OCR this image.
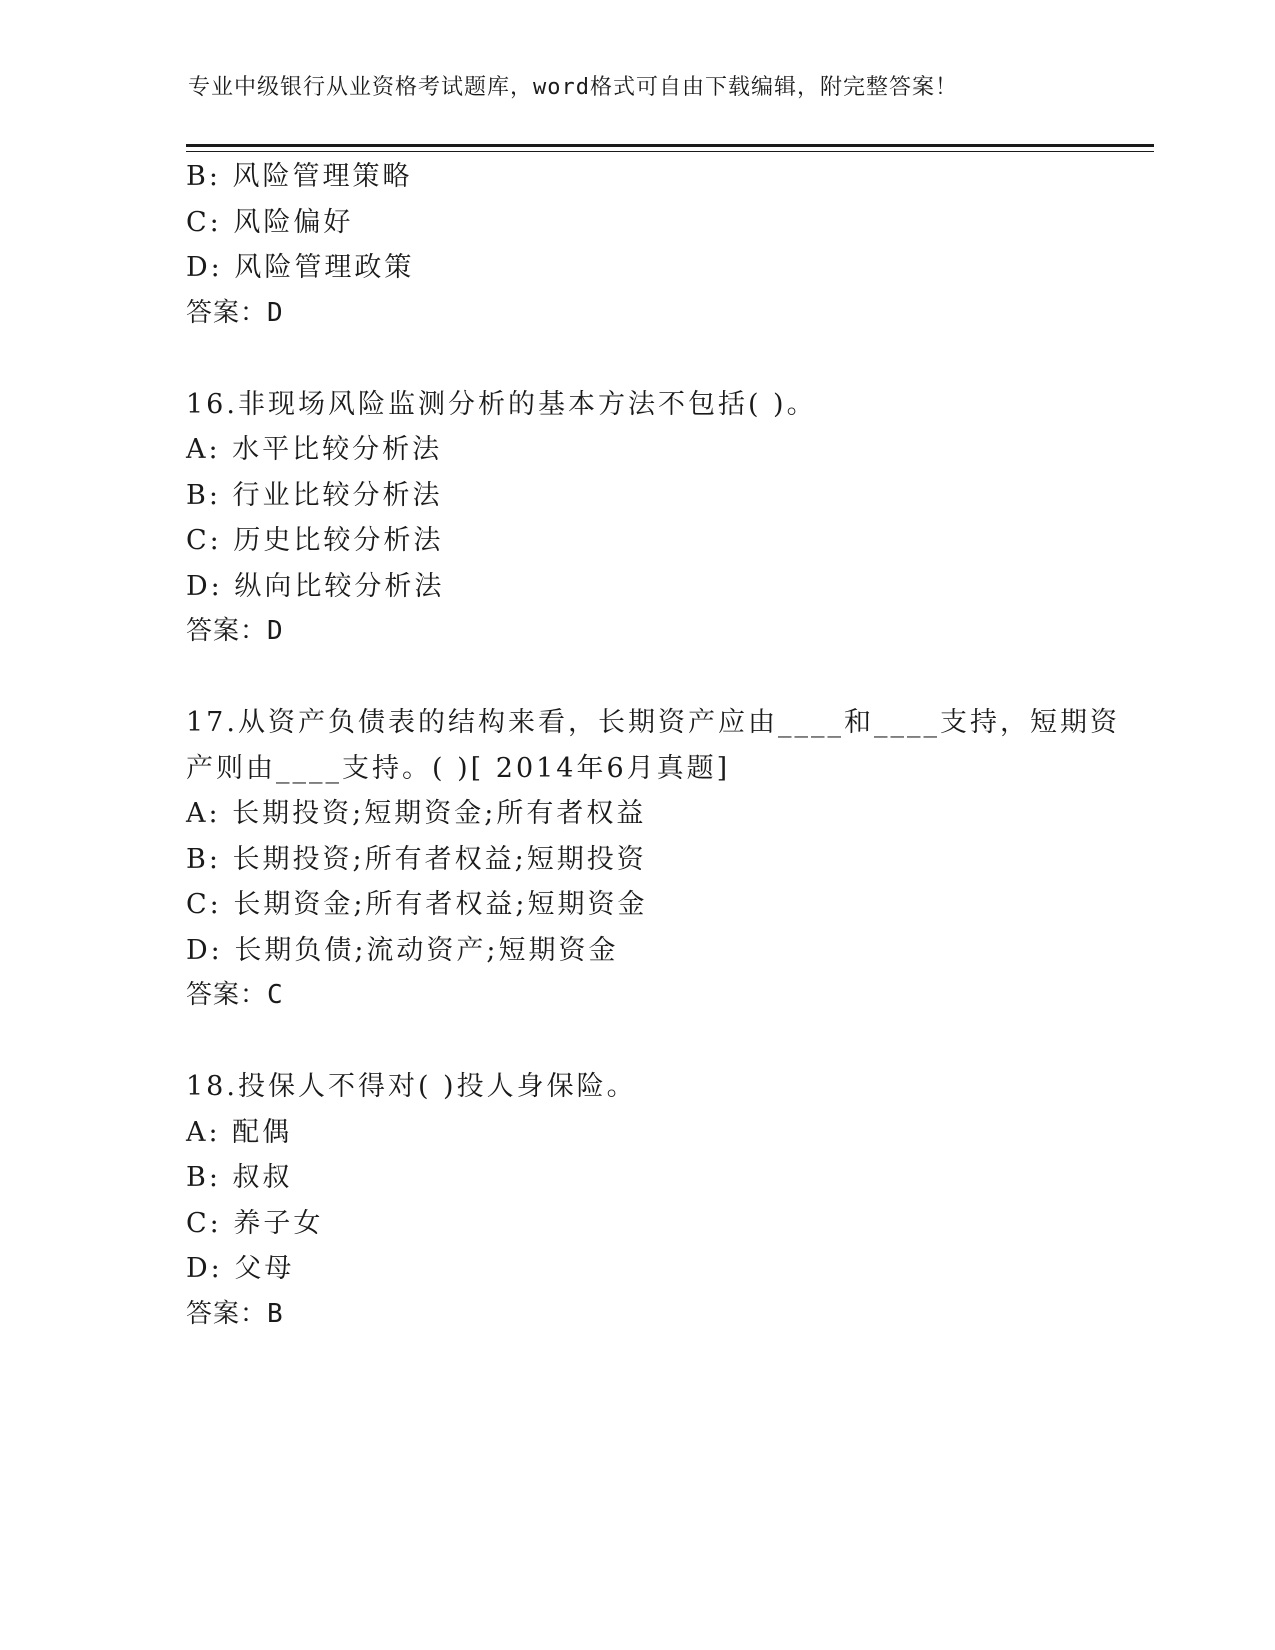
专业中级银行从业资格考试题库，word格式可自由下载编辑，附完整答案！
B: 风险管理策略
C: 风险偏好
D: 风险管理政策
答案：D
16.非现场风险监测分析的基本方法不包括( )。
A: 水平比较分析法
B: 行业比较分析法
C: 历史比较分析法
D: 纵向比较分析法
答案：D
17.从资产负债表的结构来看，长期资产应由____和____支持，短期资
产则由____支持。( )[ 2014年6月真题]
A: 长期投资;短期资金;所有者权益
B: 长期投资;所有者权益;短期投资
C: 长期资金;所有者权益;短期资金
D: 长期负债;流动资产;短期资金
答案：C
18.投保人不得对( )投人身保险。
A: 配偶
B: 叔叔
C: 养子女
D: 父母
答案：B
